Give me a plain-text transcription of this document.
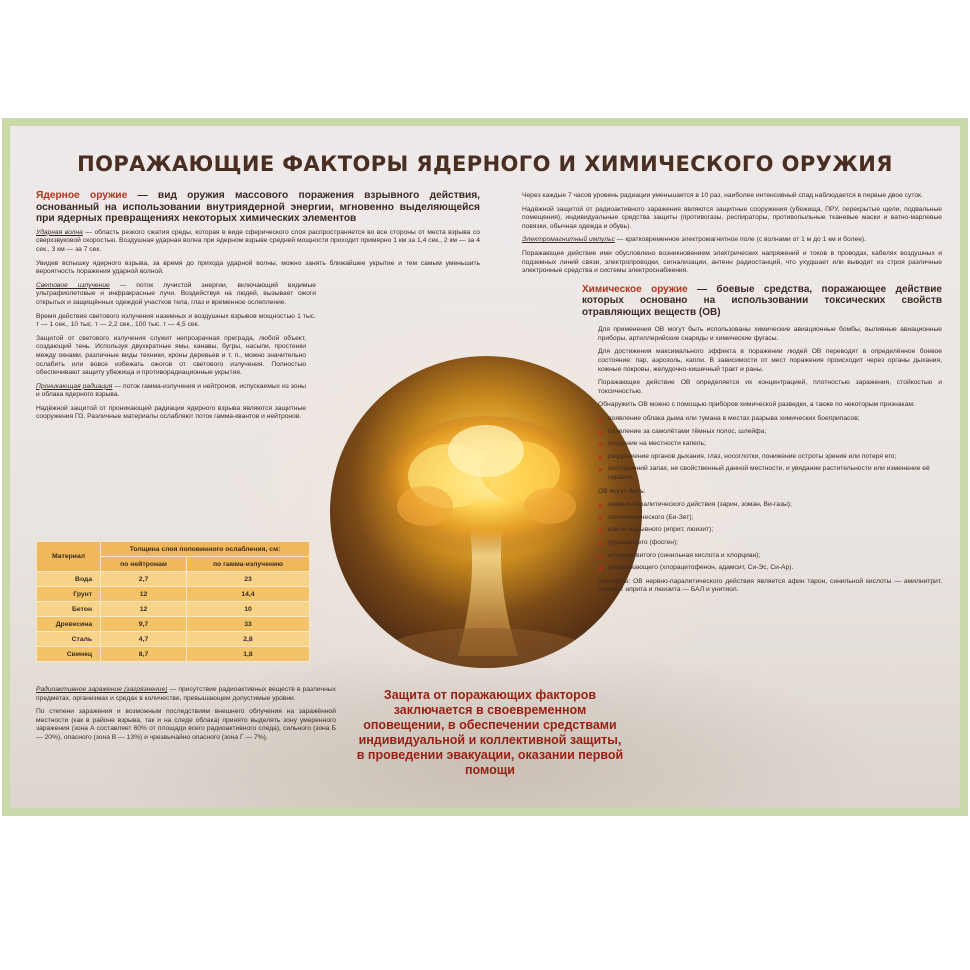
ПОРАЖАЮЩИЕ ФАКТОРЫ ЯДЕРНОГО И ХИМИЧЕСКОГО ОРУЖИЯ

Ядерное оружие — вид оружия массового поражения взрывного действия, основанный на использовании внутриядерной энергии, мгновенно выделяющейся при ядерных превращениях некоторых химических элементов

Ударная волна — область резкого сжатия среды, которая в виде сферического слоя распространяется во все стороны от места взрыва со сверхзвуковой скоростью. Воздушная ударная волна при ядерном взрыве средней мощности проходит примерно 1 км за 1,4 сек., 2 км — за 4 сек., 3 км — за 7 сек.

Увидев вспышку ядерного взрыва, за время до прихода ударной волны, можно занять ближайшее укрытие и тем самым уменьшить вероятность поражения ударной волной.

Световое излучение — поток лучистой энергии, включающий видимые ультрафиолетовые и инфракрасные лучи. Воздействуя на людей, вызывает ожоги открытых и защищённых одеждой участков тела, глаз и временное ослепление.

Время действия светового излучения наземных и воздушных взрывов мощностью 1 тыс. т — 1 сек., 10 тыс. т — 2,2 сек., 100 тыс. т — 4,5 сек.

Защитой от светового излучения служит непрозрачная преграда, любой объект, создающий тень. Используя двухкратные ямы, канавы, бугры, насыпи, простенки между окнами, различные виды техники, кроны деревьев и т. п., можно значительно ослабить или вовсе избежать ожогов от светового излучения. Полностью обеспечивают защиту убежища и противорадиационные укрытия.

Проникающая радиация — поток гамма-излучения и нейтронов, испускаемых из зоны и облака ядерного взрыва.

Надёжной защитой от проникающей радиации ядерного взрыва являются защитные сооружения ГО. Различные материалы ослабляют поток гамма-квантов и нейтронов.

Материал	Толщина слоя половинного ослабления, см:	
	по нейтронам	по гамма-излучению
Вода	2,7	23
Грунт	12	14,4
Бетон	12	10
Древесина	9,7	33
Сталь	4,7	2,8
Свинец	8,7	1,8

Радиоактивное заражение (загрязнение) — присутствие радиоактивных веществ в различных предметах, организмах и средах в количестве, превышающем допустимые уровни.

По степени заражения и возможным последствиям внешнего облучения на заражённой местности (как в районе взрыва, так и на следе облака) принято выделять зону умеренного заражения (зона А составляет 60% от площади всего радиоактивного следа), сильного (зона Б — 20%), опасного (зона В — 13%) и чрезвычайно опасного (зона Г — 7%).

Защита от поражающих факторов заключается в своевременном оповещении, в обеспечении средствами индивидуальной и коллективной защиты, в проведении эвакуации, оказании первой помощи

Через каждые 7 часов уровень радиации уменьшается в 10 раз, наиболее интенсивный спад наблюдается в первые двое суток.

Надёжной защитой от радиоактивного заражения являются защитные сооружения (убежища, ПРУ, перекрытые щели, подвальные помещения), индивидуальные средства защиты (противогазы, респираторы, противопыльные тканевые маски и ватно-марлевые повязки, обычная одежда и обувь).

Электромагнитный импульс — кратковременное электромагнитное поле (с волнами от 1 м до 1 км и более).

Поражающее действие ими обусловлено возникновением электрических напряжений и токов в проводах, кабелях воздушных и подземных линий связи, электропроводки, сигнализации, антенн радиостанций, что ухудшает или выводит из строя различные электронные средства и системы электроснабжения.

Химическое оружие — боевые средства, поражающее действие которых основано на использовании токсических свойств отравляющих веществ (ОВ)

Для применения ОВ могут быть использованы химические авиационные бомбы, выливные авиационные приборы, артиллерийские снаряды и химические фугасы.

Для достижения максимального эффекта в поражении людей ОВ переводят в определённое боевое состояние: пар, аэрозоль, капли. В зависимости от мест поражения происходит через органы дыхания, кожные покровы, желудочно-кишечный тракт и раны.

Поражающее действие ОВ определяется их концентрацией, плотностью заражения, стойкостью и токсичностью.

Обнаружить ОВ можно с помощью приборов химической разведки, а также по некоторым признакам:

● появление облака дыма или тумана в местах разрыва химических боеприпасов;
● появление за самолётами тёмных полос, шлейфа;
● оседание на местности капель;
● раздражение органов дыхания, глаз, носоглотки, понижение остроты зрения или потеря его;
● посторонний запах, не свойственный данной местности, и увядание растительности или изменение её окраски.

ОВ могут быть:

● нервно-паралитического действия (зарин, зоман, Ви-газы);
● психохимического (Би-Зет);
● кожно-нарывного (иприт, люизит);
● удушающего (фосген);
● общеядовитого (синильная кислота и хлорциан);
● раздражающего (хлорацетофенон, адамсит, Си-Эс, Си-Ар).

Антидоты: ОВ нервно-паралитического действия является афин тарон, синильной кислоты — амилнитрит. Антидот иприта и люизита — БАЛ и унитиол.
